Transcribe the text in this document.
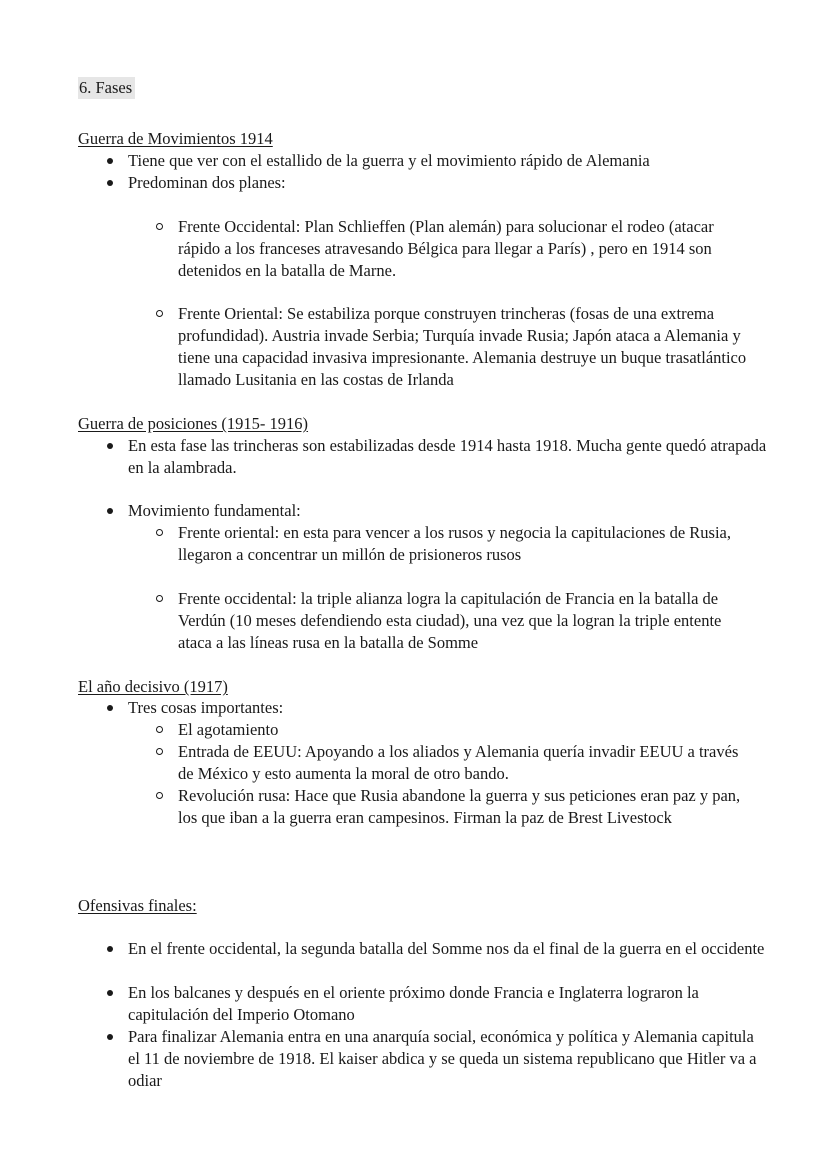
6. Fases
Guerra de Movimientos 1914
Tiene que ver con el estallido de la guerra y el movimiento rápido de Alemania
Predominan dos planes:
Frente Occidental: Plan Schlieffen (Plan alemán) para solucionar el rodeo (atacar rápido a los franceses atravesando Bélgica para llegar a París) , pero en 1914 son detenidos en la batalla de Marne.
Frente Oriental: Se estabiliza porque construyen trincheras (fosas de una extrema profundidad). Austria invade Serbia; Turquía invade Rusia; Japón ataca a Alemania y tiene una capacidad invasiva impresionante. Alemania destruye un buque trasatlántico llamado Lusitania en las costas de Irlanda
Guerra de posiciones (1915- 1916)
En esta fase las trincheras son estabilizadas desde 1914 hasta 1918. Mucha gente quedó atrapada en la alambrada.
Movimiento fundamental:
Frente oriental: en esta para vencer a los rusos y negocia la capitulaciones de Rusia, llegaron a concentrar un millón de prisioneros rusos
Frente occidental: la triple alianza logra la capitulación de Francia en la batalla de Verdún (10 meses defendiendo esta ciudad), una vez que la logran la triple entente ataca a las líneas rusa en la batalla de Somme
El año decisivo (1917)
Tres cosas importantes:
El agotamiento
Entrada de EEUU: Apoyando a los aliados y Alemania quería invadir EEUU a través de México y esto aumenta la moral de otro bando.
Revolución rusa: Hace que Rusia abandone la guerra y sus peticiones eran paz y pan, los que iban a la guerra eran campesinos. Firman la paz de Brest Livestock
Ofensivas finales:
En el frente occidental, la segunda batalla del Somme nos da el final de la guerra en el occidente
En los balcanes y después en el oriente próximo donde Francia e Inglaterra lograron la capitulación del Imperio Otomano
Para finalizar Alemania entra en una anarquía social, económica y política y Alemania capitula el 11 de noviembre de 1918. El kaiser abdica y se queda un sistema republicano que Hitler va a odiar
